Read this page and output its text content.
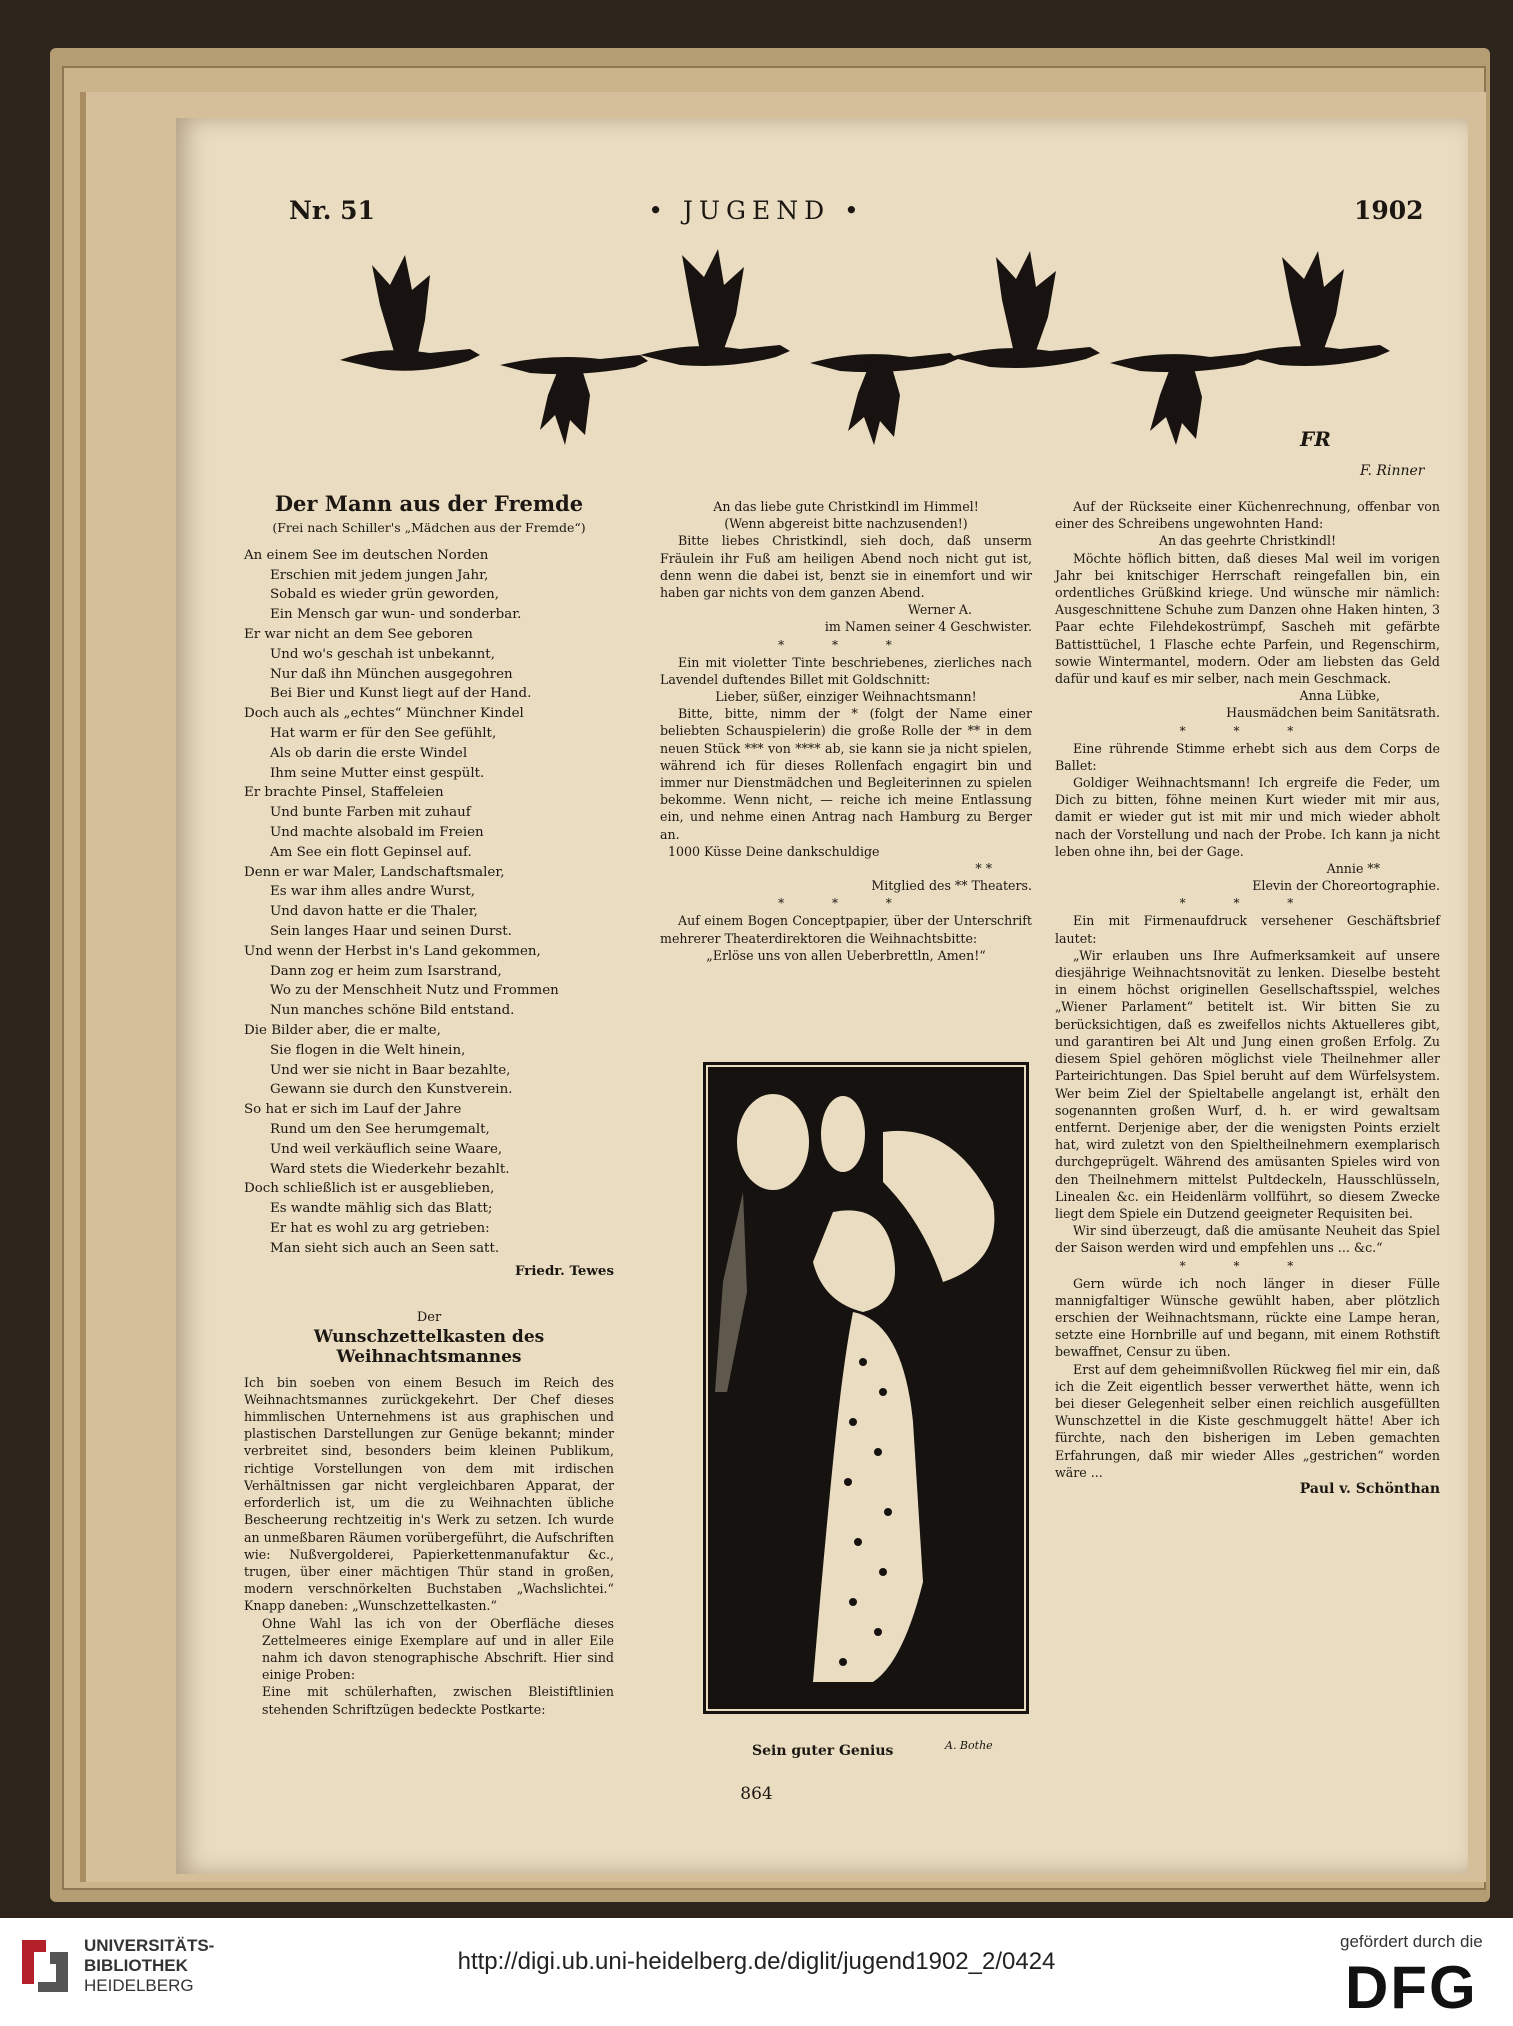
• JUGEND •
Nr. 51	1902
FR
F. Rinner
Der Mann aus der Fremde
(Frei nach Schiller's „Mädchen aus der Fremde“)

An einem See im deutschen Norden

Erschien mit jedem jungen Jahr,

Sobald es wieder grün geworden,

Ein Mensch gar wun- und sonderbar.

Er war nicht an dem See geboren

Und wo's geschah ist unbekannt,

Nur daß ihn München ausgegohren

Bei Bier und Kunst liegt auf der Hand.

Doch auch als „echtes“ Münchner Kindel

Hat warm er für den See gefühlt,

Als ob darin die erste Windel

Ihm seine Mutter einst gespült.

Er brachte Pinsel, Staffeleien

Und bunte Farben mit zuhauf

Und machte alsobald im Freien

Am See ein flott Gepinsel auf.

Denn er war Maler, Landschaftsmaler,

Es war ihm alles andre Wurst,

Und davon hatte er die Thaler,

Sein langes Haar und seinen Durst.

Und wenn der Herbst in's Land gekommen,

Dann zog er heim zum Isarstrand,

Wo zu der Menschheit Nutz und Frommen

Nun manches schöne Bild entstand.

Die Bilder aber, die er malte,

Sie flogen in die Welt hinein,

Und wer sie nicht in Baar bezahlte,

Gewann sie durch den Kunstverein.

So hat er sich im Lauf der Jahre

Rund um den See herumgemalt,

Und weil verkäuflich seine Waare,

Ward stets die Wiederkehr bezahlt.

Doch schließlich ist er ausgeblieben,

Es wandte mählig sich das Blatt;

Er hat es wohl zu arg getrieben:

Man sieht sich auch an Seen satt.

Friedr. Tewes

Der
Wunschzettelkasten des Weihnachtsmannes

Ich bin soeben von einem Besuch im Reich des Weihnachtsmannes zurückgekehrt. Der Chef dieses himmlischen Unternehmens ist aus graphischen und plastischen Darstellungen zur Genüge bekannt; minder verbreitet sind, besonders beim kleinen Publikum, richtige Vorstellungen von dem mit irdischen Verhältnissen gar nicht vergleichbaren Apparat, der erforderlich ist, um die zu Weihnachten übliche Bescheerung rechtzeitig in's Werk zu setzen. Ich wurde an unmeßbaren Räumen vorübergeführt, die Aufschriften wie: Nußvergolderei, Papierkettenmanufaktur &c., trugen, über einer mächtigen Thür stand in großen, modern verschnörkelten Buchstaben „Wachslichtei.“ Knapp daneben: „Wunschzettelkasten.“

Ohne Wahl las ich von der Oberfläche dieses Zettelmeeres einige Exemplare auf und in aller Eile nahm ich davon stenographische Abschrift. Hier sind einige Proben:

Eine mit schülerhaften, zwischen Bleistiftlinien stehenden Schriftzügen bedeckte Postkarte:

An das liebe gute Christkindl im Himmel!

(Wenn abgereist bitte nachzusenden!)

Bitte liebes Christkindl, sieh doch, daß unserm Fräulein ihr Fuß am heiligen Abend noch nicht gut ist, denn wenn die dabei ist, benzt sie in einemfort und wir haben gar nichts von dem ganzen Abend.

Werner A.

im Namen seiner 4 Geschwister.

* * *

Ein mit violetter Tinte beschriebenes, zierliches nach Lavendel duftendes Billet mit Goldschnitt:

Lieber, süßer, einziger Weihnachtsmann!

Bitte, bitte, nimm der * (folgt der Name einer beliebten Schauspielerin) die große Rolle der ** in dem neuen Stück *** von **** ab, sie kann sie ja nicht spielen, während ich für dieses Rollenfach engagirt bin und immer nur Dienstmädchen und Begleiterinnen zu spielen bekomme. Wenn nicht, — reiche ich meine Entlassung ein, und nehme einen Antrag nach Hamburg zu Berger an.

1000 Küsse Deine dankschuldige

* *

Mitglied des ** Theaters.

* * *

Auf einem Bogen Conceptpapier, über der Unterschrift mehrerer Theaterdirektoren die Weihnachtsbitte:

„Erlöse uns von allen Ueberbrettln, Amen!“

Sein guter Genius	A. Bothe

Auf der Rückseite einer Küchenrechnung, offenbar von einer des Schreibens ungewohnten Hand:

An das geehrte Christkindl!

Möchte höflich bitten, daß dieses Mal weil im vorigen Jahr bei knitschiger Herrschaft reingefallen bin, ein ordentliches Grüßkind kriege. Und wünsche mir nämlich: Ausgeschnittene Schuhe zum Danzen ohne Haken hinten, 3 Paar echte Filehdekostrümpf, Sascheh mit gefärbte Battisttüchel, 1 Flasche echte Parfein, und Regenschirm, sowie Wintermantel, modern. Oder am liebsten das Geld dafür und kauf es mir selber, nach mein Geschmack.

Anna Lübke,

Hausmädchen beim Sanitätsrath.

* * *

Eine rührende Stimme erhebt sich aus dem Corps de Ballet:

Goldiger Weihnachtsmann! Ich ergreife die Feder, um Dich zu bitten, föhne meinen Kurt wieder mit mir aus, damit er wieder gut ist mit mir und mich wieder abholt nach der Vorstellung und nach der Probe. Ich kann ja nicht leben ohne ihn, bei der Gage.

Annie **

Elevin der Choreortographie.

* * *

Ein mit Firmenaufdruck versehener Geschäftsbrief lautet:

„Wir erlauben uns Ihre Aufmerksamkeit auf unsere diesjährige Weihnachtsnovität zu lenken. Dieselbe besteht in einem höchst originellen Gesellschaftsspiel, welches „Wiener Parlament“ betitelt ist. Wir bitten Sie zu berücksichtigen, daß es zweifellos nichts Aktuelleres gibt, und garantiren bei Alt und Jung einen großen Erfolg. Zu diesem Spiel gehören möglichst viele Theilnehmer aller Parteirichtungen. Das Spiel beruht auf dem Würfelsystem. Wer beim Ziel der Spieltabelle angelangt ist, erhält den sogenannten großen Wurf, d. h. er wird gewaltsam entfernt. Derjenige aber, der die wenigsten Points erzielt hat, wird zuletzt von den Spieltheilnehmern exemplarisch durchgeprügelt. Während des amüsanten Spieles wird von den Theilnehmern mittelst Pultdeckeln, Hausschlüsseln, Linealen &c. ein Heidenlärm vollführt, so diesem Zwecke liegt dem Spiele ein Dutzend geeigneter Requisiten bei.

Wir sind überzeugt, daß die amüsante Neuheit das Spiel der Saison werden wird und empfehlen uns ... &c.“

* * *

Gern würde ich noch länger in dieser Fülle mannigfaltiger Wünsche gewühlt haben, aber plötzlich erschien der Weihnachtsmann, rückte eine Lampe heran, setzte eine Hornbrille auf und begann, mit einem Rothstift bewaffnet, Censur zu üben.

Erst auf dem geheimnißvollen Rückweg fiel mir ein, daß ich die Zeit eigentlich besser verwerthet hätte, wenn ich bei dieser Gelegenheit selber einen reichlich ausgefüllten Wunschzettel in die Kiste geschmuggelt hätte! Aber ich fürchte, nach den bisherigen im Leben gemachten Erfahrungen, daß mir wieder Alles „gestrichen“ worden wäre ...

Paul v. Schönthan

864
UNIVERSITÄTS-
BIBLIOTHEK
HEIDELBERG
http://digi.ub.uni-heidelberg.de/diglit/jugend1902_2/0424
gefördert durch die
DFG
